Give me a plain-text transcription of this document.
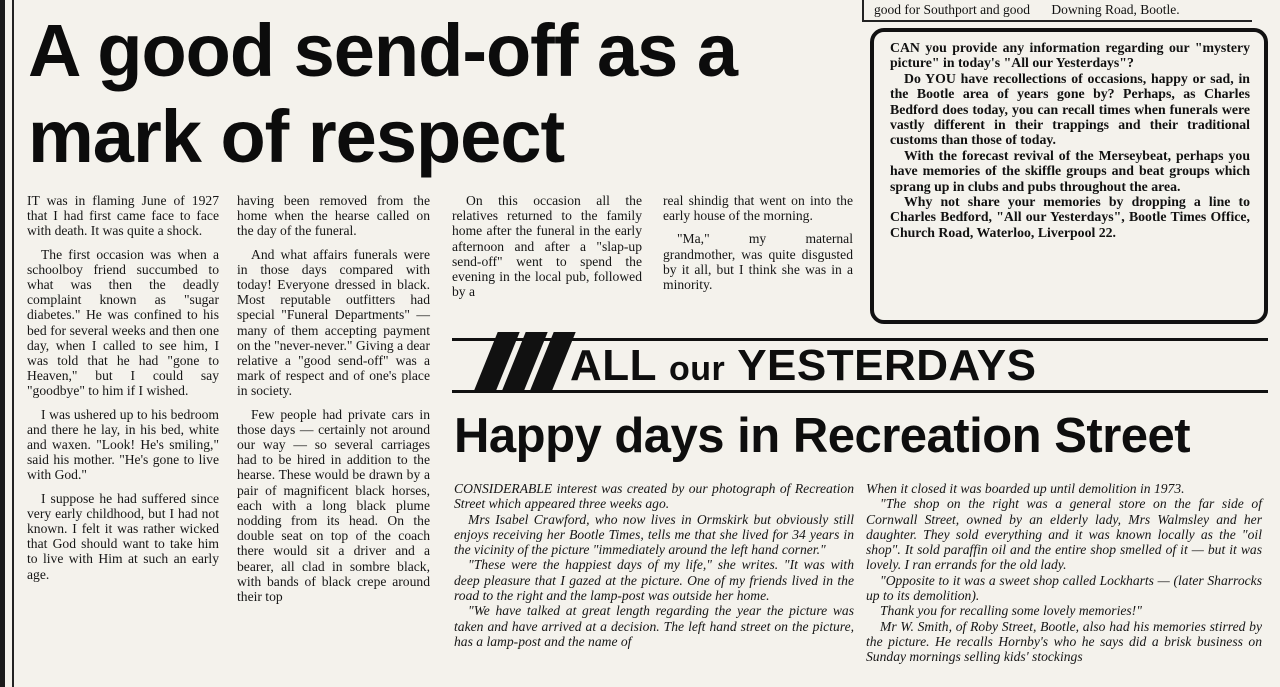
A good send-off as a mark of respect

IT was in flaming June of 1927 that I had first came face to face with death. It was quite a shock.

The first occasion was when a schoolboy friend succumbed to what was then the deadly complaint known as "sugar diabetes." He was confined to his bed for several weeks and then one day, when I called to see him, I was told that he had "gone to Heaven," but I could say "goodbye" to him if I wished.

I was ushered up to his bedroom and there he lay, in his bed, white and waxen. "Look! He's smiling," said his mother. "He's gone to live with God."

I suppose he had suffered since very early childhood, but I had not known. I felt it was rather wicked that God should want to take him to live with Him at such an early age.

having been removed from the home when the hearse called on the day of the funeral.

And what affairs funerals were in those days compared with today! Everyone dressed in black. Most reputable outfitters had special "Funeral Departments" — many of them accepting payment on the "never-never." Giving a dear relative a "good send-off" was a mark of respect and of one's place in society.

Few people had private cars in those days — certainly not around our way — so several carriages had to be hired in addition to the hearse. These would be drawn by a pair of magnificent black horses, each with a long black plume nodding from its head. On the double seat on top of the coach there would sit a driver and a bearer, all clad in sombre black, with bands of black crepe around their top

On this occasion all the relatives returned to the family home after the funeral in the early afternoon and after a "slap-up send-off" went to spend the evening in the local pub, followed by a

real shindig that went on into the early house of the morning.

"Ma," my maternal grandmother, was quite disgusted by it all, but I think she was in a minority.

good for Southport and good Downing Road, Bootle.

CAN you provide any information regarding our "mystery picture" in today's "All our Yesterdays"?

Do YOU have recollections of occasions, happy or sad, in the Bootle area of years gone by? Perhaps, as Charles Bedford does today, you can recall times when funerals were vastly different in their trappings and their traditional customs than those of today.

With the forecast revival of the Merseybeat, perhaps you have memories of the skiffle groups and beat groups which sprang up in clubs and pubs throughout the area.

Why not share your memories by dropping a line to Charles Bedford, "All our Yesterdays", Bootle Times Office, Church Road, Waterloo, Liverpool 22.

ALL our YESTERDAYS
Happy days in Recreation Street

CONSIDERABLE interest was created by our photograph of Recreation Street which appeared three weeks ago.

Mrs Isabel Crawford, who now lives in Ormskirk but obviously still enjoys receiving her Bootle Times, tells me that she lived for 34 years in the vicinity of the picture "immediately around the left hand corner."

"These were the happiest days of my life," she writes. "It was with deep pleasure that I gazed at the picture. One of my friends lived in the road to the right and the lamp-post was outside her home.

"We have talked at great length regarding the year the picture was taken and have arrived at a decision. The left hand street on the picture, has a lamp-post and the name of

When it closed it was boarded up until demolition in 1973.

"The shop on the right was a general store on the far side of Cornwall Street, owned by an elderly lady, Mrs Walmsley and her daughter. They sold everything and it was known locally as the "oil shop". It sold paraffin oil and the entire shop smelled of it — but it was lovely. I ran errands for the old lady.

"Opposite to it was a sweet shop called Lockharts — (later Sharrocks up to its demolition).

Thank you for recalling some lovely memories!"

Mr W. Smith, of Roby Street, Bootle, also had his memories stirred by the picture. He recalls Hornby's who he says did a brisk business on Sunday mornings selling kids' stockings
